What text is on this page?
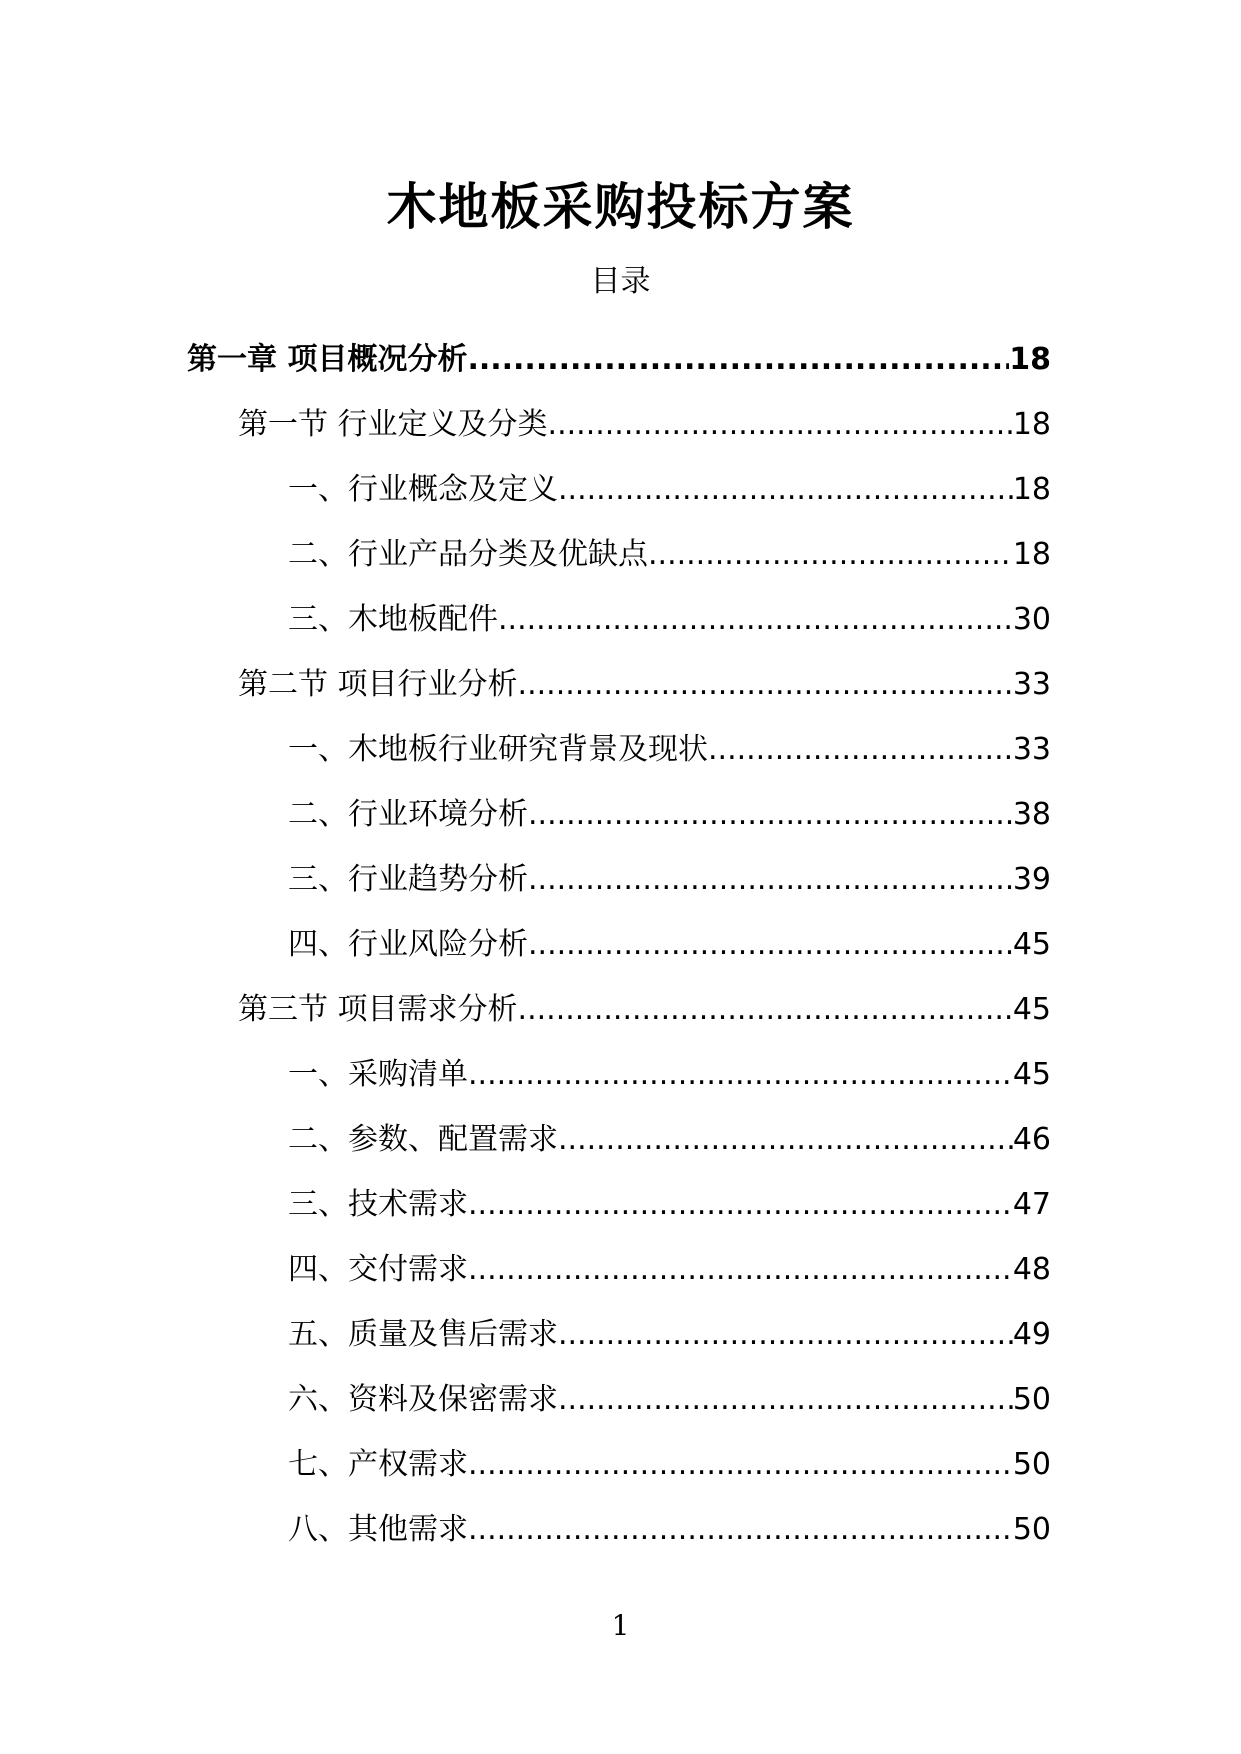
木地板采购投标方案
目录
第一章 项目概况分析 .....	18
第一节 行业定义及分类 .....	18
一、行业概念及定义 .....	18
二、行业产品分类及优缺点 .....	18
三、木地板配件 .....	30
第二节 项目行业分析 .....	33
一、木地板行业研究背景及现状 .....	33
二、行业环境分析 .....	38
三、行业趋势分析 .....	39
四、行业风险分析 .....	45
第三节 项目需求分析 .....	45
一、采购清单 .....	45
二、参数、配置需求 .....	46
三、技术需求 .....	47
四、交付需求 .....	48
五、质量及售后需求 .....	49
六、资料及保密需求 .....	50
七、产权需求 .....	50
八、其他需求 .....	50
1
